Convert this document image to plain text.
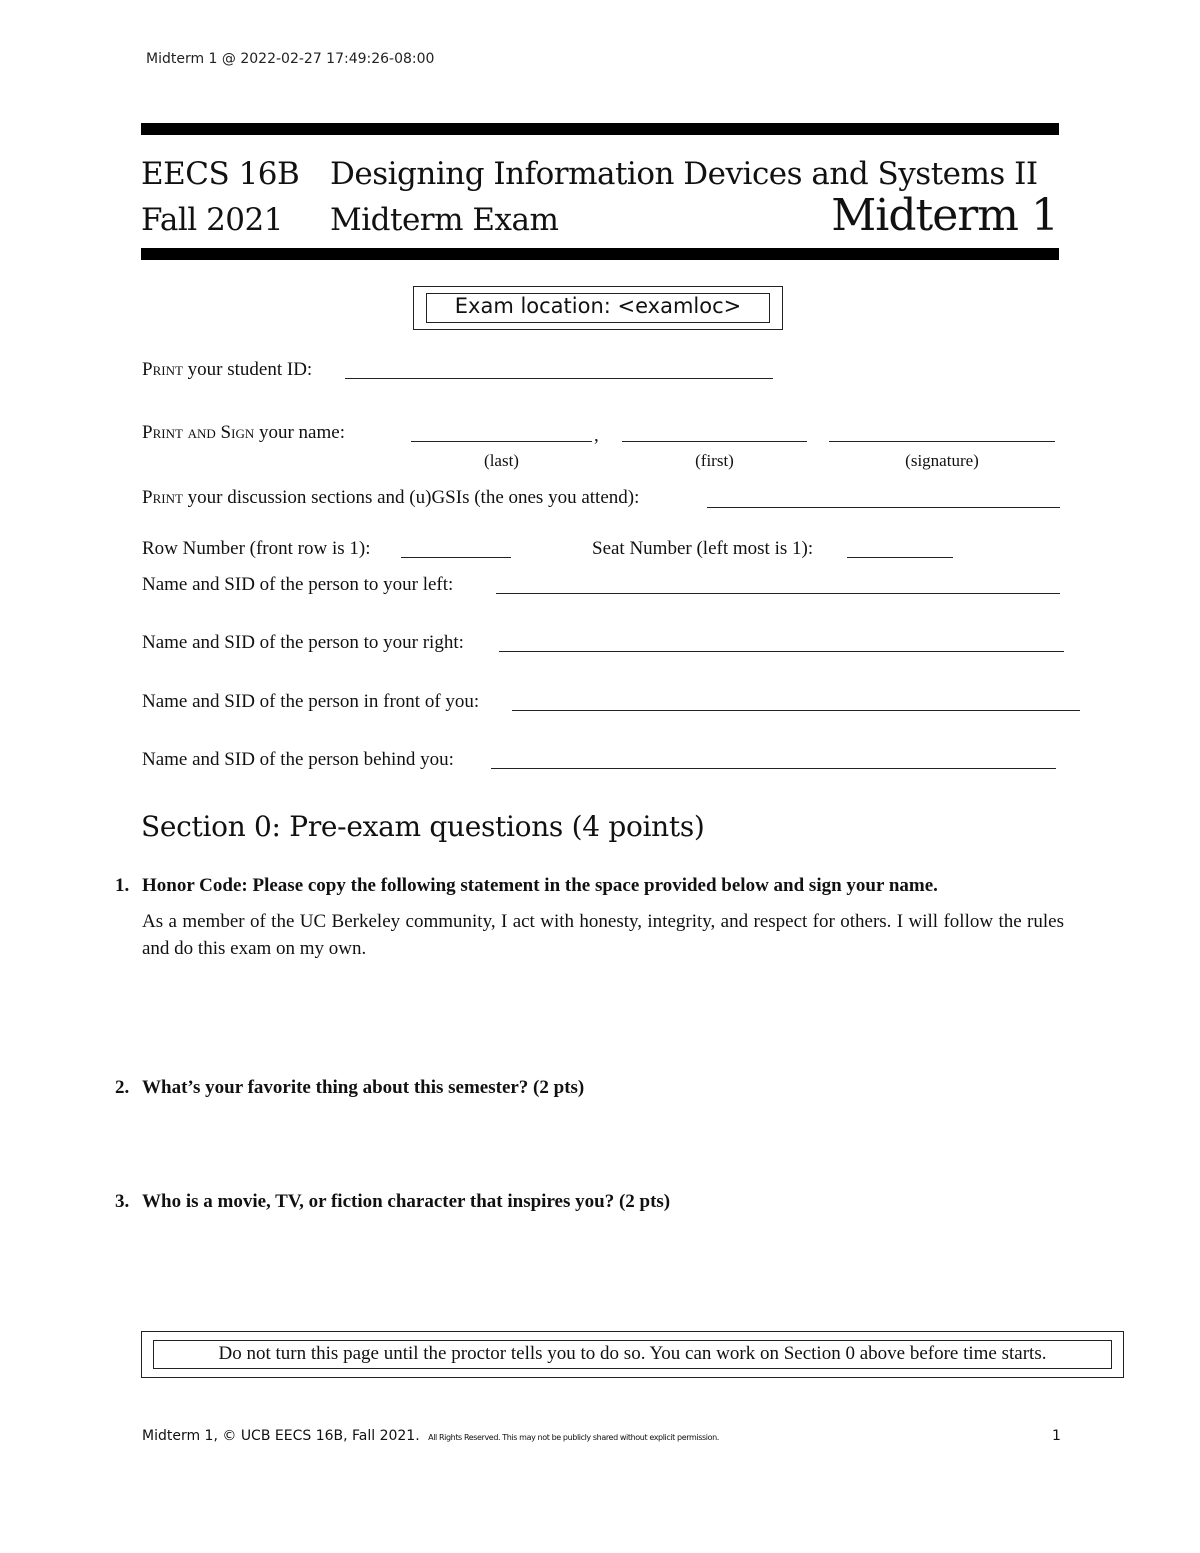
Midterm 1 @ 2022-02-27 17:49:26-08:00
EECS 16B Designing Information Devices and Systems II
Fall 2021 Midterm Exam	Midterm 1
Exam location: <examloc>
Print your student ID:
Print and Sign your name:	,
(last)	(first)	(signature)
Print your discussion sections and (u)GSIs (the ones you attend):
Row Number (front row is 1):	Seat Number (left most is 1):
Name and SID of the person to your left:
Name and SID of the person to your right:
Name and SID of the person in front of you:
Name and SID of the person behind you:
Section 0: Pre-exam questions (4 points)
1. Honor Code: Please copy the following statement in the space provided below and sign your name.
As a member of the UC Berkeley community, I act with honesty, integrity, and respect for others. I will follow the rules and do this exam on my own.
2. What’s your favorite thing about this semester? (2 pts)
3. Who is a movie, TV, or fiction character that inspires you? (2 pts)
Do not turn this page until the proctor tells you to do so. You can work on Section 0 above before time starts.
Midterm 1, © UCB EECS 16B, Fall 2021. All Rights Reserved. This may not be publicly shared without explicit permission.	1
